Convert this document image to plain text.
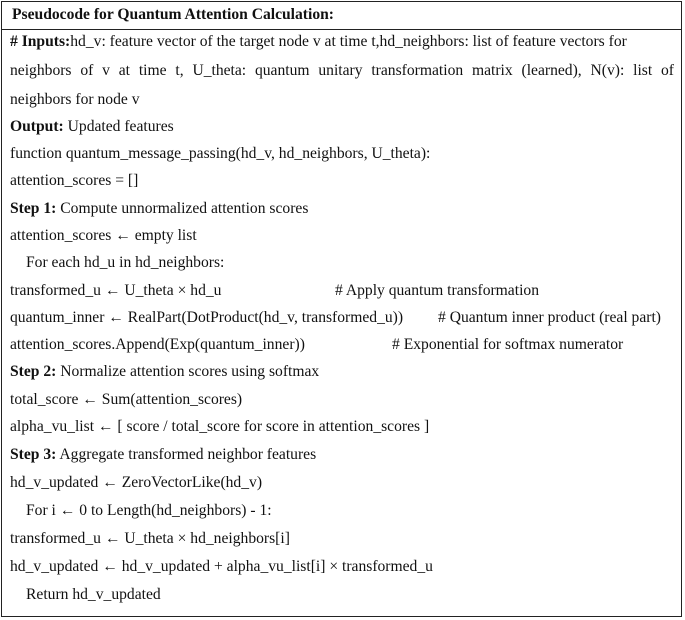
Pseudocode for Quantum Attention Calculation:
# Inputs:hd_v: feature vector of the target node v at time t,hd_neighbors: list of feature vectors for
neighbors of v at time t, U_theta: quantum unitary transformation matrix (learned), N(v): list of
neighbors for node v
Output: Updated features
function quantum_message_passing(hd_v, hd_neighbors, U_theta):
attention_scores = []
Step 1: Compute unnormalized attention scores
attention_scores ← empty list
For each hd_u in hd_neighbors:
transformed_u ← U_theta × hd_u	# Apply quantum transformation
quantum_inner ← RealPart(DotProduct(hd_v, transformed_u)) # Quantum inner product (real part)
attention_scores.Append(Exp(quantum_inner))	# Exponential for softmax numerator
Step 2: Normalize attention scores using softmax
total_score ← Sum(attention_scores)
alpha_vu_list ← [ score / total_score for score in attention_scores ]
Step 3: Aggregate transformed neighbor features
hd_v_updated ← ZeroVectorLike(hd_v)
For i ← 0 to Length(hd_neighbors) - 1:
transformed_u ← U_theta × hd_neighbors[i]
hd_v_updated ← hd_v_updated + alpha_vu_list[i] × transformed_u
Return hd_v_updated
